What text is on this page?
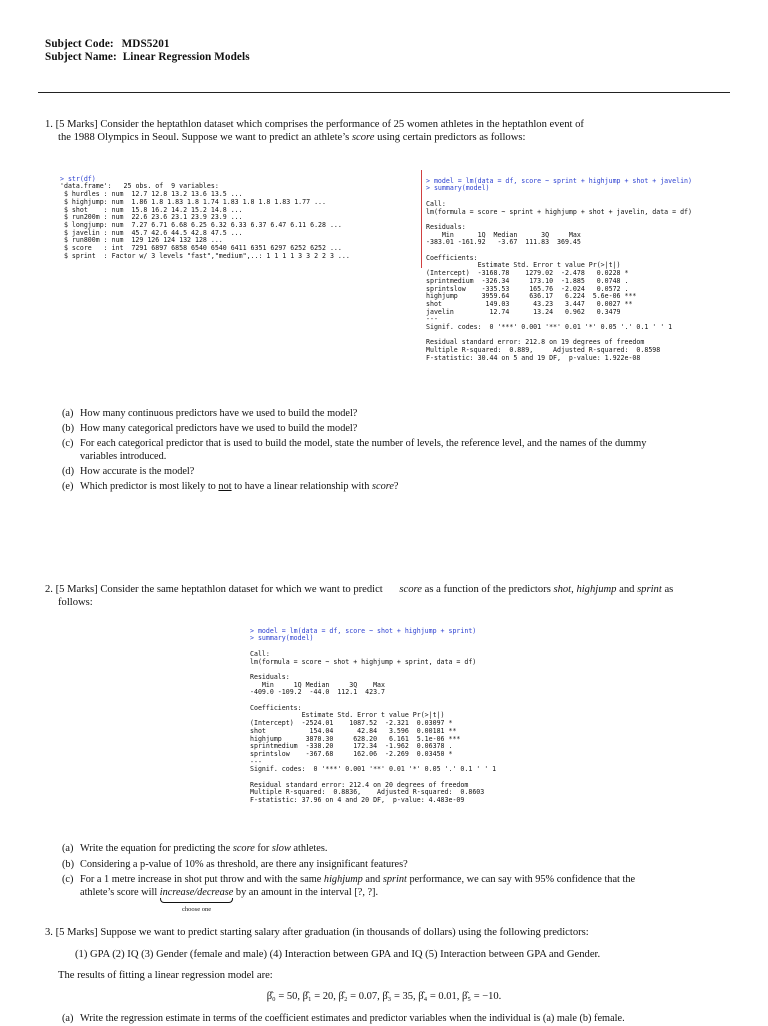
Subject Code: MDS5201
Subject Name: Linear Regression Models
1. [5 Marks] Consider the heptathlon dataset which comprises the performance of 25 women athletes in the heptathlon event of
the 1988 Olympics in Seoul. Suppose we want to predict an athlete’s score using certain predictors as follows:

> str(df)
'data.frame':	25 obs. of  9 variables:
$ hurdles : num  12.7 12.8 13.2 13.6 13.5 ...
$ highjump: num  1.86 1.8 1.83 1.8 1.74 1.83 1.8 1.8 1.83 1.77 ...
$ shot    : num  15.8 16.2 14.2 15.2 14.8 ...
$ run200m : num  22.6 23.6 23.1 23.9 23.9 ...
$ longjump: num  7.27 6.71 6.68 6.25 6.32 6.33 6.37 6.47 6.11 6.28 ...
$ javelin : num  45.7 42.6 44.5 42.8 47.5 ...
$ run800m : num  129 126 124 132 128 ...
$ score   : int  7291 6897 6858 6540 6540 6411 6351 6297 6252 6252 ...
$ sprint  : Factor w/ 3 levels "fast","medium",..: 1 1 1 1 3 3 2 2 3 ...

> model = lm(data = df, score ~ sprint + highjump + shot + javelin)
> summary(model)

Call:
lm(formula = score ~ sprint + highjump + shot + javelin, data = df)

Residuals:
Min      1Q  Median      3Q     Max
-383.01 -161.92   -3.67  111.83  369.45

Coefficients:
Estimate Std. Error t value Pr(>|t|)
(Intercept)  -3168.78    1279.02  -2.478   0.0228 *
sprintmedium  -326.34     173.10  -1.885   0.0748 .
sprintslow    -335.53     165.76  -2.024   0.0572 .
highjump      3959.64     636.17   6.224  5.6e-06 ***
shot           149.03      43.23   3.447   0.0027 **
javelin         12.74      13.24   0.962   0.3479
---
Signif. codes:  0 '***' 0.001 '**' 0.01 '*' 0.05 '.' 0.1 ' ' 1

Residual standard error: 212.8 on 19 degrees of freedom
Multiple R-squared:  0.889,	Adjusted R-squared:  0.8598
F-statistic: 30.44 on 5 and 19 DF,  p-value: 1.922e-08

(a) How many continuous predictors have we used to build the model?
(b) How many categorical predictors have we used to build the model?
(c) For each categorical predictor that is used to build the model, state the number of levels, the reference level, and the names of the dummy
variables introduced.
(d) How accurate is the model?
(e) Which predictor is most likely to not to have a linear relationship with score?
2. [5 Marks] Consider the same heptathlon dataset for which we want to predict score as a function of the predictors shot, highjump and sprint as
follows:

> model = lm(data = df, score ~ shot + highjump + sprint)
> summary(model)

Call:
lm(formula = score ~ shot + highjump + sprint, data = df)

Residuals:
Min     1Q Median     3Q    Max
-409.0 -109.2  -44.0  112.1  423.7

Coefficients:
Estimate Std. Error t value Pr(>|t|)
(Intercept)  -2524.01    1087.52  -2.321  0.03097 *
shot           154.04      42.84   3.596  0.00181 **
highjump      3870.30     628.20   6.161  5.1e-06 ***
sprintmedium  -338.20     172.34  -1.962  0.06378 .
sprintslow    -367.68     162.06  -2.269  0.03450 *
---
Signif. codes:  0 '***' 0.001 '**' 0.01 '*' 0.05 '.' 0.1 ' ' 1

Residual standard error: 212.4 on 20 degrees of freedom
Multiple R-squared:  0.8836,	Adjusted R-squared:  0.8603
F-statistic: 37.96 on 4 and 20 DF,  p-value: 4.483e-09

(a) Write the equation for predicting the score for slow athletes.
(b) Considering a p-value of 10% as threshold, are there any insignificant features?
(c) For a 1 metre increase in shot put throw and with the same highjump and sprint performance, we can say with 95% confidence that the
athlete’s score will increase/decrease
choose one
by an amount in the interval [?, ?].
3. [5 Marks] Suppose we want to predict starting salary after graduation (in thousands of dollars) using the following predictors:
(1) GPA (2) IQ (3) Gender (female and male) (4) Interaction between GPA and IQ (5) Interaction between GPA and Gender.
The results of fitting a linear regression model are:
β̂₀ = 50, β̂₁ = 20, β̂₂ = 0.07, β̂₃ = 35, β̂₄ = 0.01, β̂₅ = −10.
(a) Write the regression estimate in terms of the coefficient estimates and predictor variables when the individual is (a) male (b) female.
